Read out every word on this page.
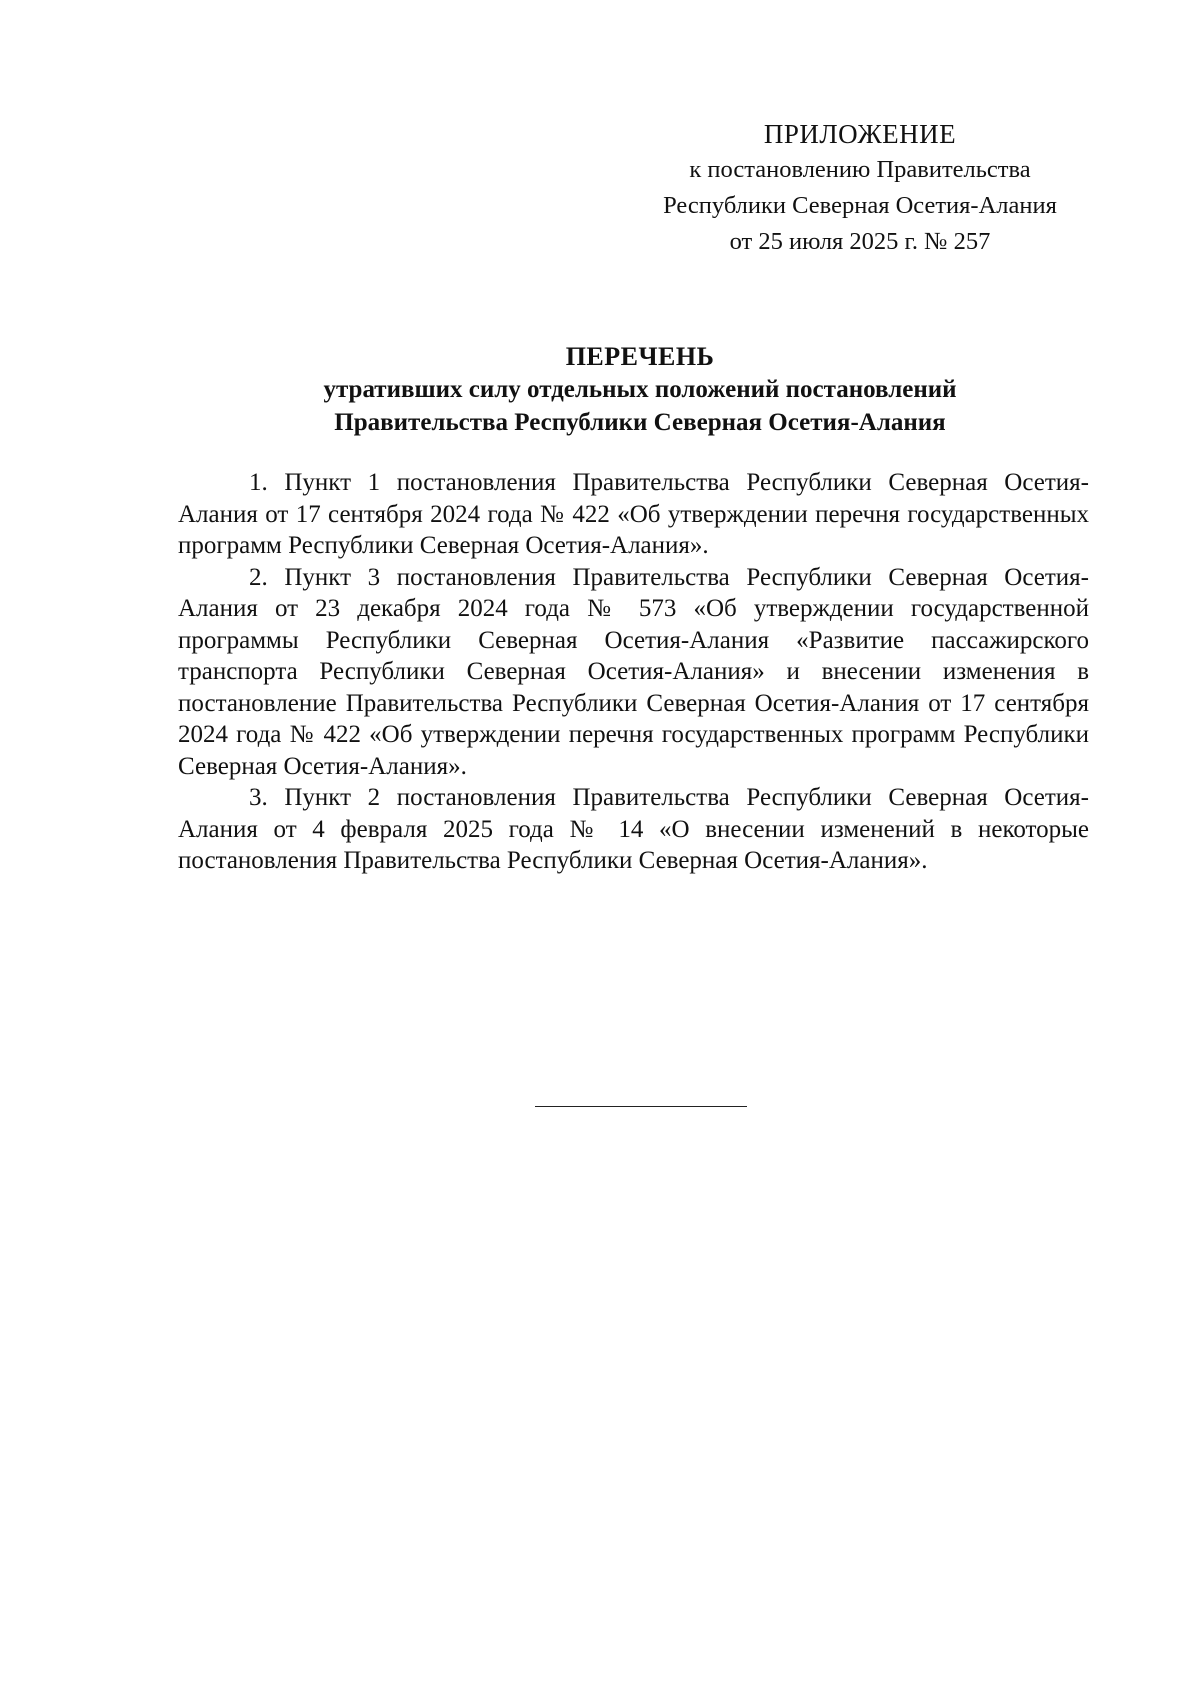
ПРИЛОЖЕНИЕ
к постановлению Правительства
Республики Северная Осетия-Алания
от 25 июля 2025 г. № 257
ПЕРЕЧЕНЬ
утративших силу отдельных положений постановлений
Правительства Республики Северная Осетия-Алания

1. Пункт 1 постановления Правительства Республики Северная Осетия-Алания от 17 сентября 2024 года № 422 «Об утверждении перечня государственных программ Республики Северная Осетия-Алания».

2. Пункт 3 постановления Правительства Республики Северная Осетия-Алания от 23 декабря 2024 года № 573 «Об утверждении государственной программы Республики Северная Осетия-Алания «Развитие пассажирского транспорта Республики Северная Осетия-Алания» и внесении изменения в постановление Правительства Республики Северная Осетия-Алания от 17 сентября 2024 года № 422 «Об утверждении перечня государственных программ Республики Северная Осетия-Алания».

3. Пункт 2 постановления Правительства Республики Северная Осетия-Алания от 4 февраля 2025 года № 14 «О внесении изменений в некоторые постановления Правительства Республики Северная Осетия-Алания».
